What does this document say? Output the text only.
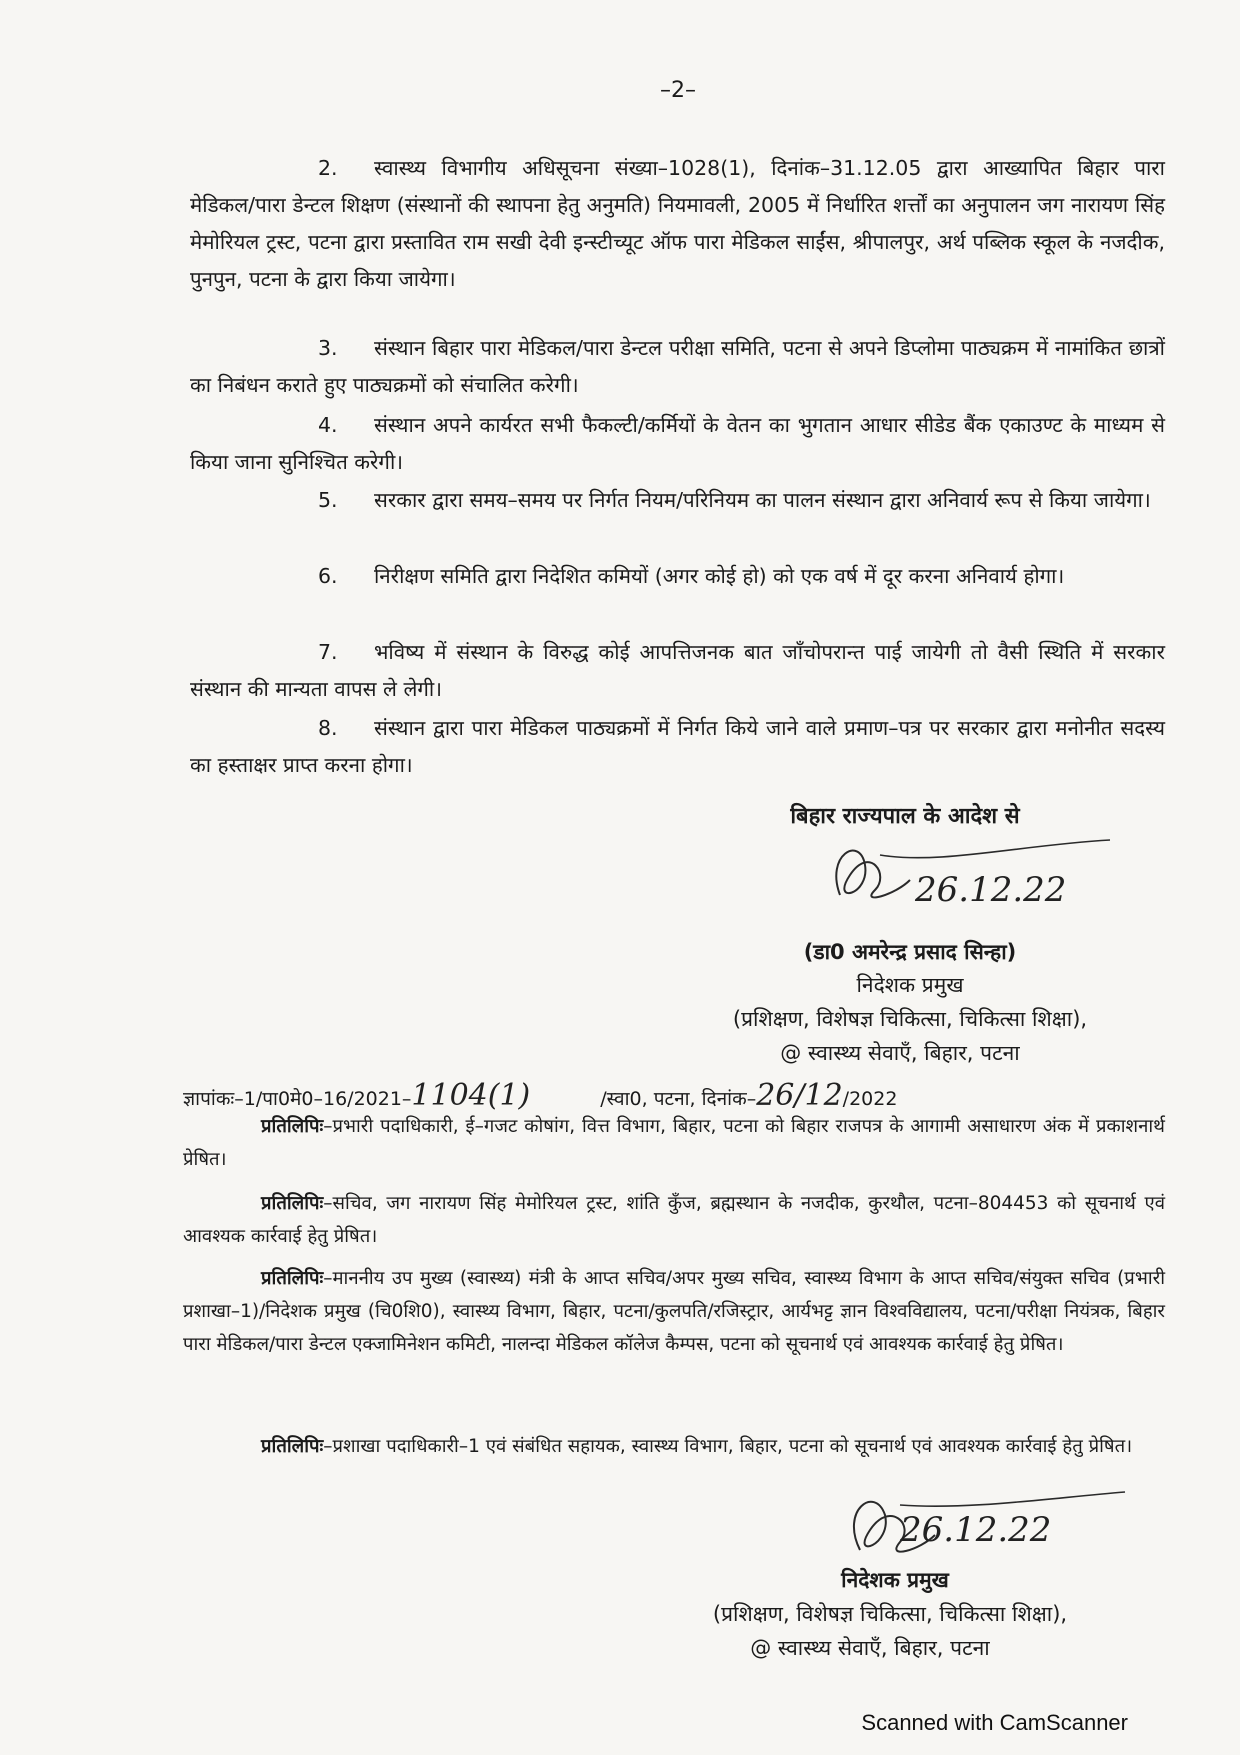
–2–
2. स्वास्थ्य विभागीय अधिसूचना संख्या–1028(1), दिनांक–31.12.05 द्वारा आख्यापित बिहार पारा मेडिकल/पारा डेन्टल शिक्षण (संस्थानों की स्थापना हेतु अनुमति) नियमावली, 2005 में निर्धारित शर्त्तों का अनुपालन जग नारायण सिंह मेमोरियल ट्रस्ट, पटना द्वारा प्रस्तावित राम सखी देवी इन्स्टीच्यूट ऑफ पारा मेडिकल साईंस, श्रीपालपुर, अर्थ पब्लिक स्कूल के नजदीक, पुनपुन, पटना के द्वारा किया जायेगा।
3. संस्थान बिहार पारा मेडिकल/पारा डेन्टल परीक्षा समिति, पटना से अपने डिप्लोमा पाठ्यक्रम में नामांकित छात्रों का निबंधन कराते हुए पाठ्यक्रमों को संचालित करेगी।
4. संस्थान अपने कार्यरत सभी फैकल्टी/कर्मियों के वेतन का भुगतान आधार सीडेड बैंक एकाउण्ट के माध्यम से किया जाना सुनिश्चित करेगी।
5. सरकार द्वारा समय–समय पर निर्गत नियम/परिनियम का पालन संस्थान द्वारा अनिवार्य रूप से किया जायेगा।
6. निरीक्षण समिति द्वारा निदेशित कमियों (अगर कोई हो) को एक वर्ष में दूर करना अनिवार्य होगा।
7. भविष्य में संस्थान के विरुद्ध कोई आपत्तिजनक बात जाँचोपरान्त पाई जायेगी तो वैसी स्थिति में सरकार संस्थान की मान्यता वापस ले लेगी।
8. संस्थान द्वारा पारा मेडिकल पाठ्यक्रमों में निर्गत किये जाने वाले प्रमाण–पत्र पर सरकार द्वारा मनोनीत सदस्य का हस्ताक्षर प्राप्त करना होगा।
बिहार राज्यपाल के आदेश से
26.12.22
(डा0 अमरेन्द्र प्रसाद सिन्हा)
निदेशक प्रमुख
(प्रशिक्षण, विशेषज्ञ चिकित्सा, चिकित्सा शिक्षा),
@ स्वास्थ्य सेवाएँ, बिहार, पटना
ज्ञापांकः–1/पा0मे0–16/2021–1104(1)	/स्वा0, पटना, दिनांक–26/12/2022
प्रतिलिपिः–प्रभारी पदाधिकारी, ई–गजट कोषांग, वित्त विभाग, बिहार, पटना को बिहार राजपत्र के आगामी असाधारण अंक में प्रकाशनार्थ प्रेषित।
प्रतिलिपिः–सचिव, जग नारायण सिंह मेमोरियल ट्रस्ट, शांति कुँज, ब्रह्मस्थान के नजदीक, कुरथौल, पटना–804453 को सूचनार्थ एवं आवश्यक कार्रवाई हेतु प्रेषित।
प्रतिलिपिः–माननीय उप मुख्य (स्वास्थ्य) मंत्री के आप्त सचिव/अपर मुख्य सचिव, स्वास्थ्य विभाग के आप्त सचिव/संयुक्त सचिव (प्रभारी प्रशाखा–1)/निदेशक प्रमुख (चि0शि0), स्वास्थ्य विभाग, बिहार, पटना/कुलपति/रजिस्ट्रार, आर्यभट्ट ज्ञान विश्वविद्यालय, पटना/परीक्षा नियंत्रक, बिहार पारा मेडिकल/पारा डेन्टल एक्जामिनेशन कमिटी, नालन्दा मेडिकल कॉलेज कैम्पस, पटना को सूचनार्थ एवं आवश्यक कार्रवाई हेतु प्रेषित।
प्रतिलिपिः–प्रशाखा पदाधिकारी–1 एवं संबंधित सहायक, स्वास्थ्य विभाग, बिहार, पटना को सूचनार्थ एवं आवश्यक कार्रवाई हेतु प्रेषित।
26.12.22
निदेशक प्रमुख
(प्रशिक्षण, विशेषज्ञ चिकित्सा, चिकित्सा शिक्षा),
@ स्वास्थ्य सेवाएँ, बिहार, पटना
Scanned with CamScanner
